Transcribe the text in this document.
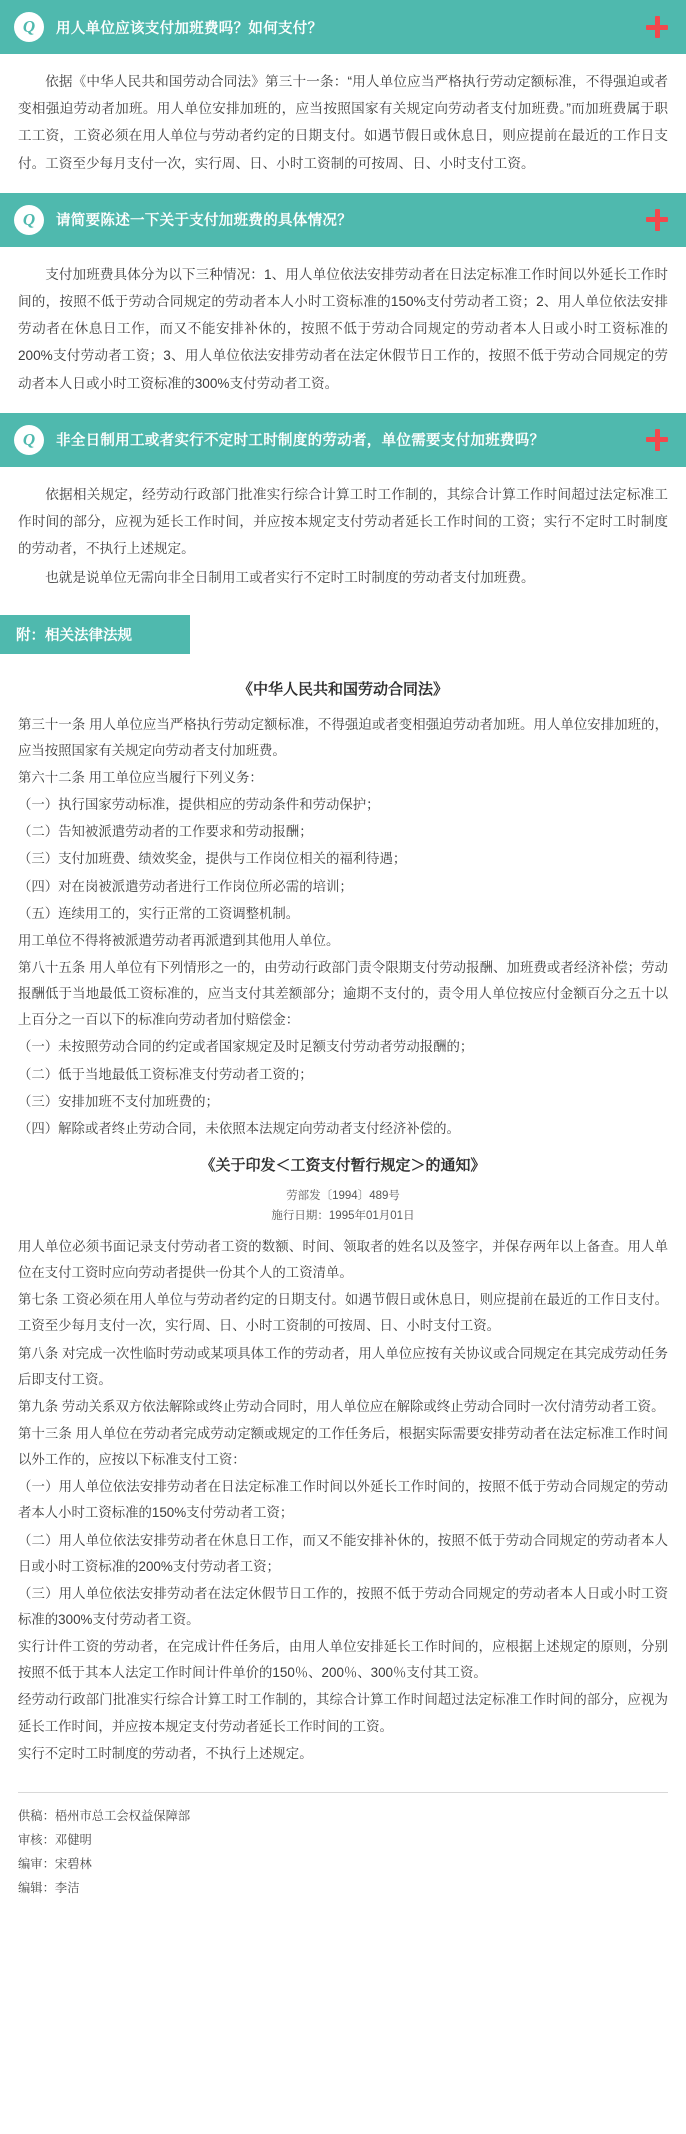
Q	用人单位应该支付加班费吗？如何支付？

依据《中华人民共和国劳动合同法》第三十一条：“用人单位应当严格执行劳动定额标准，不得强迫或者变相强迫劳动者加班。用人单位安排加班的，应当按照国家有关规定向劳动者支付加班费。”而加班费属于职工工资，工资必须在用人单位与劳动者约定的日期支付。如遇节假日或休息日，则应提前在最近的工作日支付。工资至少每月支付一次，实行周、日、小时工资制的可按周、日、小时支付工资。

Q	请简要陈述一下关于支付加班费的具体情况？

支付加班费具体分为以下三种情况：1、用人单位依法安排劳动者在日法定标准工作时间以外延长工作时间的，按照不低于劳动合同规定的劳动者本人小时工资标准的150%支付劳动者工资；2、用人单位依法安排劳动者在休息日工作，而又不能安排补休的，按照不低于劳动合同规定的劳动者本人日或小时工资标准的200%支付劳动者工资；3、用人单位依法安排劳动者在法定休假节日工作的，按照不低于劳动合同规定的劳动者本人日或小时工资标准的300%支付劳动者工资。

Q	非全日制用工或者实行不定时工时制度的劳动者，单位需要支付加班费吗？

依据相关规定，经劳动行政部门批准实行综合计算工时工作制的，其综合计算工作时间超过法定标准工作时间的部分，应视为延长工作时间，并应按本规定支付劳动者延长工作时间的工资；实行不定时工时制度的劳动者，不执行上述规定。

也就是说单位无需向非全日制用工或者实行不定时工时制度的劳动者支付加班费。

附：相关法律法规
《中华人民共和国劳动合同法》

第三十一条 用人单位应当严格执行劳动定额标准，不得强迫或者变相强迫劳动者加班。用人单位安排加班的，应当按照国家有关规定向劳动者支付加班费。

第六十二条 用工单位应当履行下列义务：

（一）执行国家劳动标准，提供相应的劳动条件和劳动保护；

（二）告知被派遣劳动者的工作要求和劳动报酬；

（三）支付加班费、绩效奖金，提供与工作岗位相关的福利待遇；

（四）对在岗被派遣劳动者进行工作岗位所必需的培训；

（五）连续用工的，实行正常的工资调整机制。

用工单位不得将被派遣劳动者再派遣到其他用人单位。

第八十五条 用人单位有下列情形之一的，由劳动行政部门责令限期支付劳动报酬、加班费或者经济补偿；劳动报酬低于当地最低工资标准的，应当支付其差额部分；逾期不支付的，责令用人单位按应付金额百分之五十以上百分之一百以下的标准向劳动者加付赔偿金：

（一）未按照劳动合同的约定或者国家规定及时足额支付劳动者劳动报酬的；

（二）低于当地最低工资标准支付劳动者工资的；

（三）安排加班不支付加班费的；

（四）解除或者终止劳动合同，未依照本法规定向劳动者支付经济补偿的。

《关于印发＜工资支付暂行规定＞的通知》

劳部发〔1994〕489号

施行日期：1995年01月01日

用人单位必须书面记录支付劳动者工资的数额、时间、领取者的姓名以及签字，并保存两年以上备查。用人单位在支付工资时应向劳动者提供一份其个人的工资清单。

第七条 工资必须在用人单位与劳动者约定的日期支付。如遇节假日或休息日，则应提前在最近的工作日支付。工资至少每月支付一次，实行周、日、小时工资制的可按周、日、小时支付工资。

第八条 对完成一次性临时劳动或某项具体工作的劳动者，用人单位应按有关协议或合同规定在其完成劳动任务后即支付工资。

第九条 劳动关系双方依法解除或终止劳动合同时，用人单位应在解除或终止劳动合同时一次付清劳动者工资。

第十三条 用人单位在劳动者完成劳动定额或规定的工作任务后，根据实际需要安排劳动者在法定标准工作时间以外工作的，应按以下标准支付工资：

（一）用人单位依法安排劳动者在日法定标准工作时间以外延长工作时间的，按照不低于劳动合同规定的劳动者本人小时工资标准的150%支付劳动者工资；

（二）用人单位依法安排劳动者在休息日工作，而又不能安排补休的，按照不低于劳动合同规定的劳动者本人日或小时工资标准的200%支付劳动者工资；

（三）用人单位依法安排劳动者在法定休假节日工作的，按照不低于劳动合同规定的劳动者本人日或小时工资标准的300%支付劳动者工资。

实行计件工资的劳动者，在完成计件任务后，由用人单位安排延长工作时间的，应根据上述规定的原则，分别按照不低于其本人法定工作时间计件单价的150％、200％、300％支付其工资。

经劳动行政部门批准实行综合计算工时工作制的，其综合计算工作时间超过法定标准工作时间的部分，应视为延长工作时间，并应按本规定支付劳动者延长工作时间的工资。

实行不定时工时制度的劳动者，不执行上述规定。

供稿：梧州市总工会权益保障部

审核：邓健明

编审：宋碧林

编辑：李洁
